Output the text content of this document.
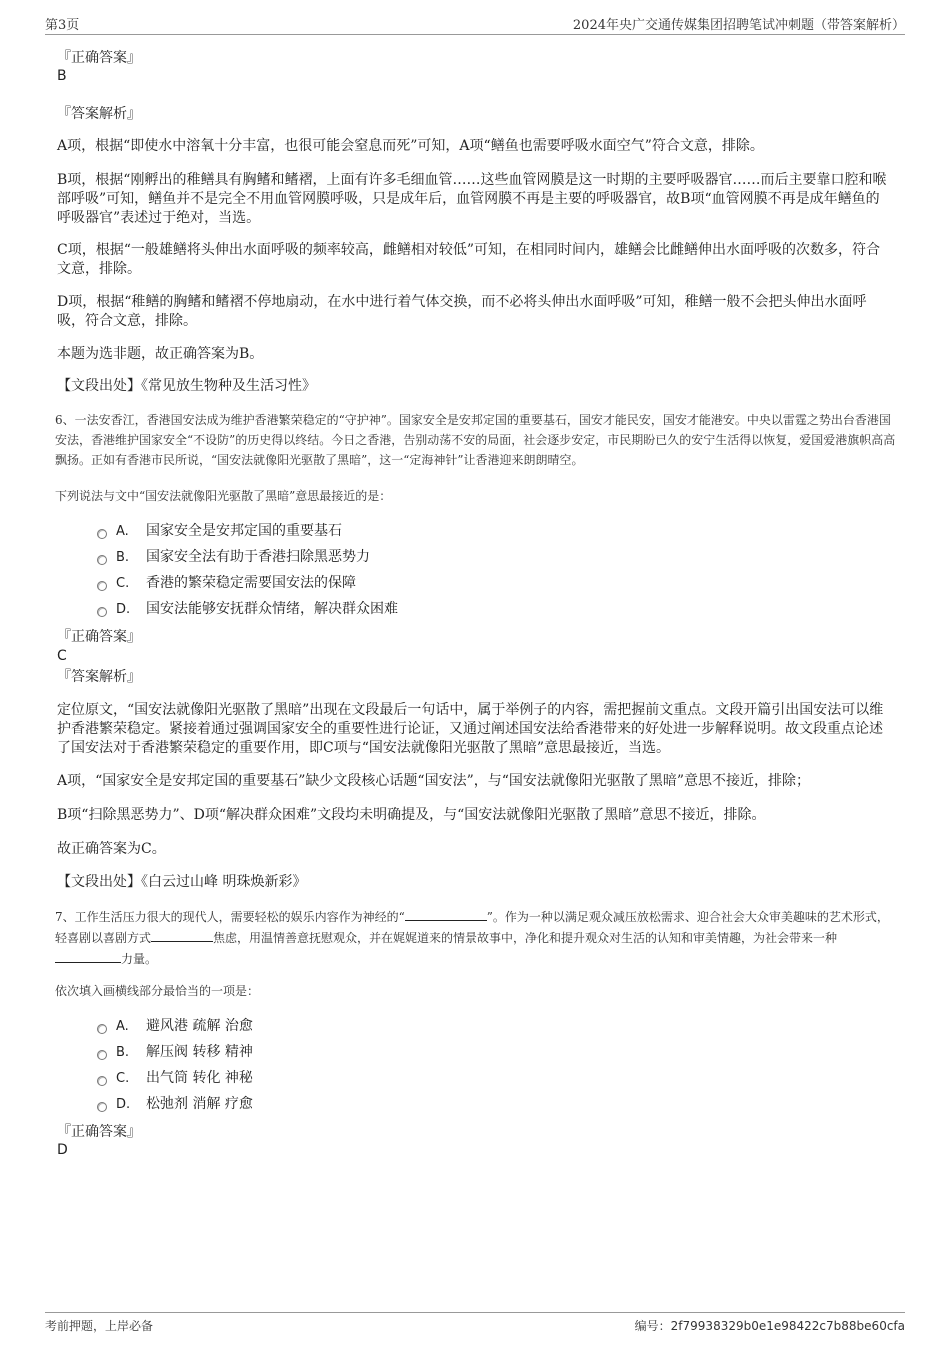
第3页	2024年央广交通传媒集团招聘笔试冲刺题（带答案解析）
『正确答案』
B
『答案解析』
A项，根据“即使水中溶氧十分丰富，也很可能会窒息而死”可知，A项“鳝鱼也需要呼吸水面空气”符合文意，排除。
B项，根据“刚孵出的稚鳝具有胸鳍和鳍褶，上面有许多毛细血管……这些血管网膜是这一时期的主要呼吸器官……而后主要靠口腔和喉部呼吸”可知，鳝鱼并不是完全不用血管网膜呼吸，只是成年后，血管网膜不再是主要的呼吸器官，故B项“血管网膜不再是成年鳝鱼的呼吸器官”表述过于绝对，当选。
C项，根据“一般雄鳝将头伸出水面呼吸的频率较高，雌鳝相对较低”可知，在相同时间内，雄鳝会比雌鳝伸出水面呼吸的次数多，符合文意，排除。
D项，根据“稚鳝的胸鳍和鳍褶不停地扇动，在水中进行着气体交换，而不必将头伸出水面呼吸”可知，稚鳝一般不会把头伸出水面呼吸，符合文意，排除。
本题为选非题，故正确答案为B。
【文段出处】《常见放生物种及生活习性》
6、一法安香江，香港国安法成为维护香港繁荣稳定的“守护神”。国家安全是安邦定国的重要基石，国安才能民安，国安才能港安。中央以雷霆之势出台香港国安法，香港维护国家安全“不设防”的历史得以终结。今日之香港，告别动荡不安的局面，社会逐步安定，市民期盼已久的安宁生活得以恢复，爱国爱港旗帜高高飘扬。正如有香港市民所说，“国安法就像阳光驱散了黑暗”，这一“定海神针”让香港迎来朗朗晴空。
下列说法与文中“国安法就像阳光驱散了黑暗”意思最接近的是：
A. 国家安全是安邦定国的重要基石
B. 国家安全法有助于香港扫除黑恶势力
C. 香港的繁荣稳定需要国安法的保障
D. 国安法能够安抚群众情绪，解决群众困难
『正确答案』
C
『答案解析』
定位原文，“国安法就像阳光驱散了黑暗”出现在文段最后一句话中，属于举例子的内容，需把握前文重点。文段开篇引出国安法可以维护香港繁荣稳定。紧接着通过强调国家安全的重要性进行论证，又通过阐述国安法给香港带来的好处进一步解释说明。故文段重点论述了国安法对于香港繁荣稳定的重要作用，即C项与“国安法就像阳光驱散了黑暗”意思最接近，当选。
A项，“国家安全是安邦定国的重要基石”缺少文段核心话题“国安法”，与“国安法就像阳光驱散了黑暗”意思不接近，排除；
B项“扫除黑恶势力”、D项“解决群众困难”文段均未明确提及，与“国安法就像阳光驱散了黑暗”意思不接近，排除。
故正确答案为C。
【文段出处】《白云过山峰 明珠焕新彩》
7、工作生活压力很大的现代人，需要轻松的娱乐内容作为神经的“	”。作为一种以满足观众减压放松需求、迎合社会大众审美趣味的艺术形式，轻喜剧以喜剧方式	焦虑，用温情善意抚慰观众，并在娓娓道来的情景故事中，净化和提升观众对生活的认知和审美情趣，为社会带来一种力量。
依次填入画横线部分最恰当的一项是：
A. 避风港 疏解 治愈
B. 解压阀 转移 精神
C. 出气筒 转化 神秘
D. 松弛剂 消解 疗愈
『正确答案』
D
考前押题，上岸必备	编号：2f79938329b0e1e98422c7b88be60cfa
